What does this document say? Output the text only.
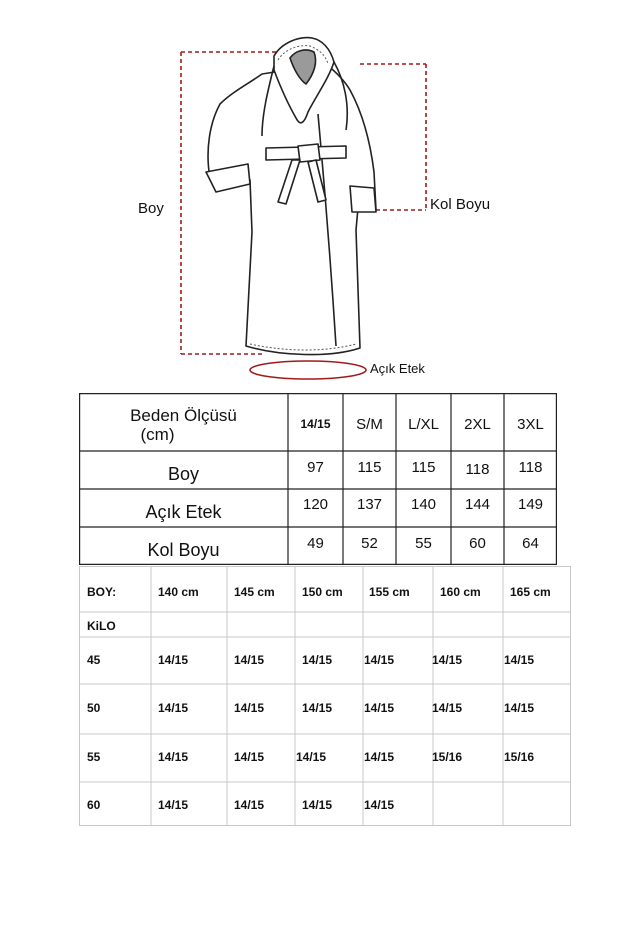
Boy	Kol Boyu
Açık Etek
Beden Ölçüsü
(cm)
14/15	S/M	L/XL	2XL	3XL
Boy	97	115	115	118	118
Açık Etek	120	137	140	144	149
Kol Boyu	49	52	55	60	64
BOY:	140 cm	145 cm 150 cm 155 cm	160 cm 165 cm
KiLO
45	14/15	14/15	14/15	14/15	14/15	14/15
50	14/15	14/15	14/15	14/15	14/15	14/15
55	14/15	14/15	14/15	14/15	15/16	15/16
60	14/15	14/15	14/15	14/15
